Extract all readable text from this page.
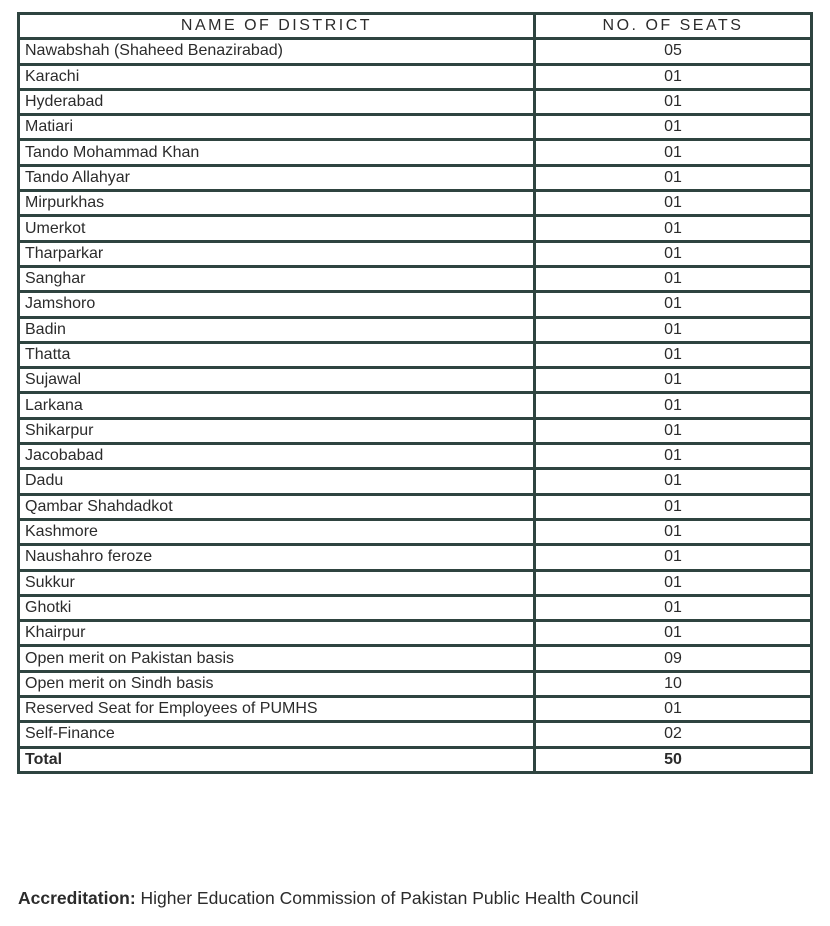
NAME OF DISTRICT	NO. OF SEATS
Nawabshah (Shaheed Benazirabad)	05
Karachi	01
Hyderabad	01
Matiari	01
Tando Mohammad Khan	01
Tando Allahyar	01
Mirpurkhas	01
Umerkot	01
Tharparkar	01
Sanghar	01
Jamshoro	01
Badin	01
Thatta	01
Sujawal	01
Larkana	01
Shikarpur	01
Jacobabad	01
Dadu	01
Qambar Shahdadkot	01
Kashmore	01
Naushahro feroze	01
Sukkur	01
Ghotki	01
Khairpur	01
Open merit on Pakistan basis	09
Open merit on Sindh basis	10
Reserved Seat for Employees of PUMHS	01
Self-Finance	02
Total	50
Accreditation: Higher Education Commission of Pakistan Public Health Council
